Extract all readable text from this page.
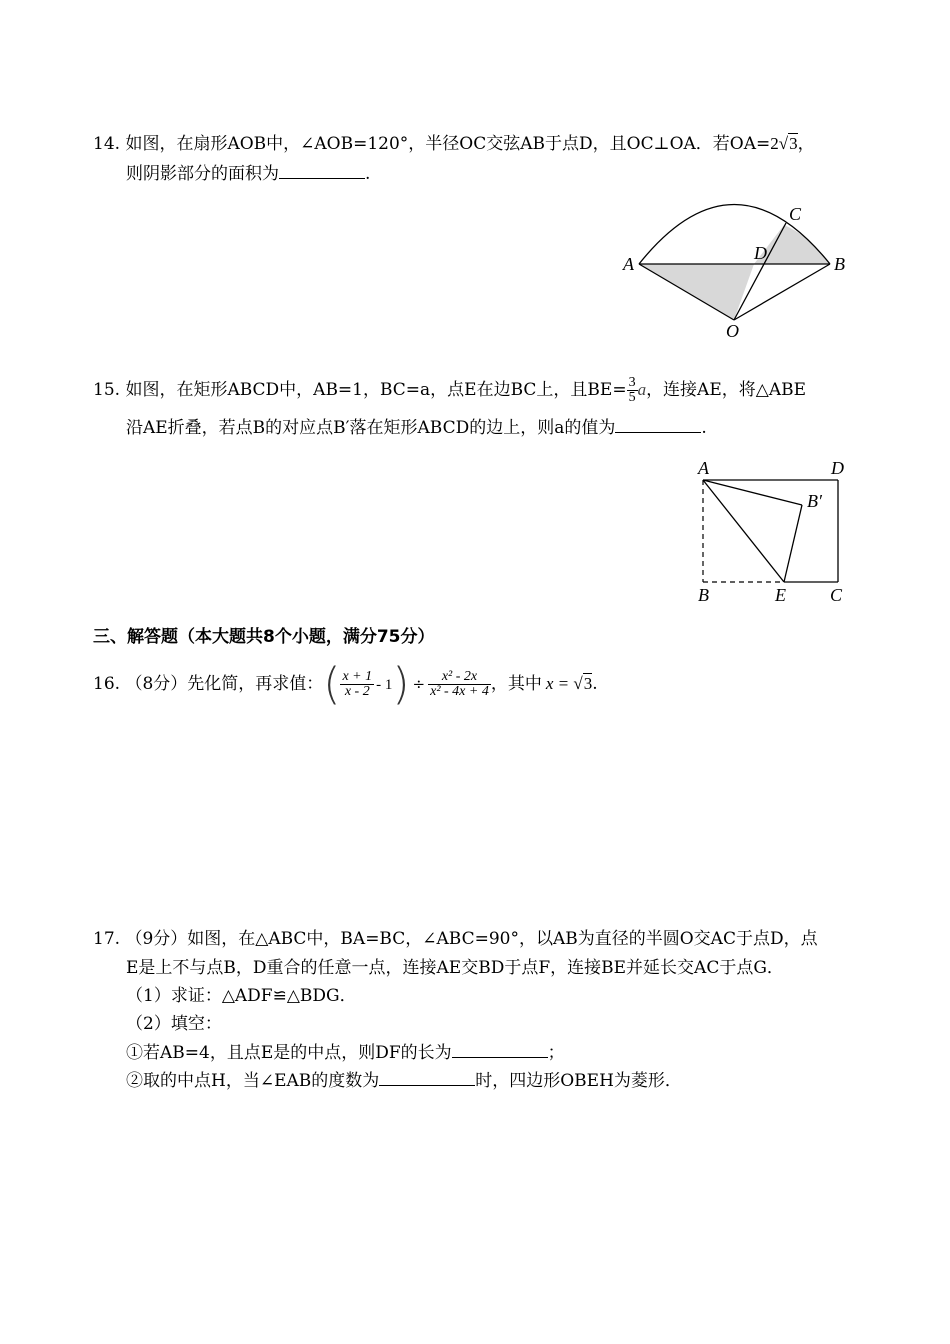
14. 如图，在扇形AOB中，∠AOB=120°，半径OC交弦AB于点D，且OC⊥OA．若OA=2√3，
则阴影部分的面积为	.
A	B
C
D
O
15. 如图，在矩形ABCD中，AB=1，BC=a，点E在边BC上，且$BE= \frac{3}{5}$ a，连接AE，将△ABE
沿AE折叠，若点B的对应点B′落在矩形ABCD的边上，则a的值为	.
A	D
B′
B	E C
三、解答题（本大题共8个小题，满分75分）
16. （8分）先化简，再求值：( $\frac{x + 1}{x - 2} - 1) \div \frac{\text{x² - 2x}}{\text{x² - 4x + 4}}$ ，其中 x = √3.
17. （9分）如图，在△ABC中，BA=BC，∠ABC=90°，以AB为直径的半圆O交AC于点D，点
E是上不与点B，D重合的任意一点，连接AE交BD于点F，连接BE并延长交AC于点G．
（1）求证：△ADF≌△BDG．
（2）填空：
①若AB=4，且点E是的中点，则DF的长为	；
②取的中点H，当∠EAB的度数为	时，四边形OBEH为菱形．
